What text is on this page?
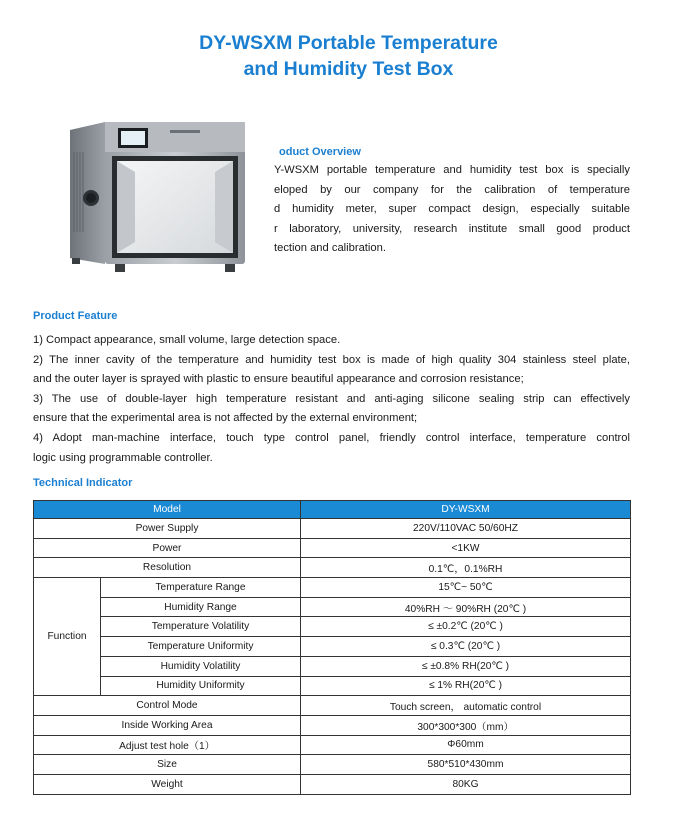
DY-WSXM Portable Temperature
and Humidity Test Box
oduct Overview
Y-WSXM portable temperature and humidity test box is specially
eloped by our company for the calibration of temperature
d humidity meter, super compact design, especially suitable
r laboratory, university, research institute small good product
tection and calibration.
Product Feature
1) Compact appearance, small volume, large detection space.
2) The inner cavity of the temperature and humidity test box is made of high quality 304 stainless steel plate,
and the outer layer is sprayed with plastic to ensure beautiful appearance and corrosion resistance;
3) The use of double-layer high temperature resistant and anti-aging silicone sealing strip can effectively
ensure that the experimental area is not affected by the external environment;
4) Adopt man-machine interface, touch type control panel, friendly control interface, temperature control
logic using programmable controller.
Technical Indicator
Model		DY-WSXM
Power Supply		220V/110VAC 50/60HZ
Power		<1KW
Resolution		0.1℃，0.1%RH
Function	Temperature Range	15℃~ 50℃
	Humidity Range	40%RH ～ 90%RH (20℃ )
	Temperature Volatility	≤ ±0.2℃ (20℃ )
	Temperature Uniformity	≤ 0.3℃ (20℃ )
	Humidity Volatility	≤ ±0.8% RH(20℃ )
	Humidity Uniformity	≤ 1% RH(20℃ )
Control Mode		Touch screen， automatic control
Inside Working Area		300*300*300（mm）
Adjust test hole（1）		Φ60mm
Size		580*510*430mm
Weight		80KG
